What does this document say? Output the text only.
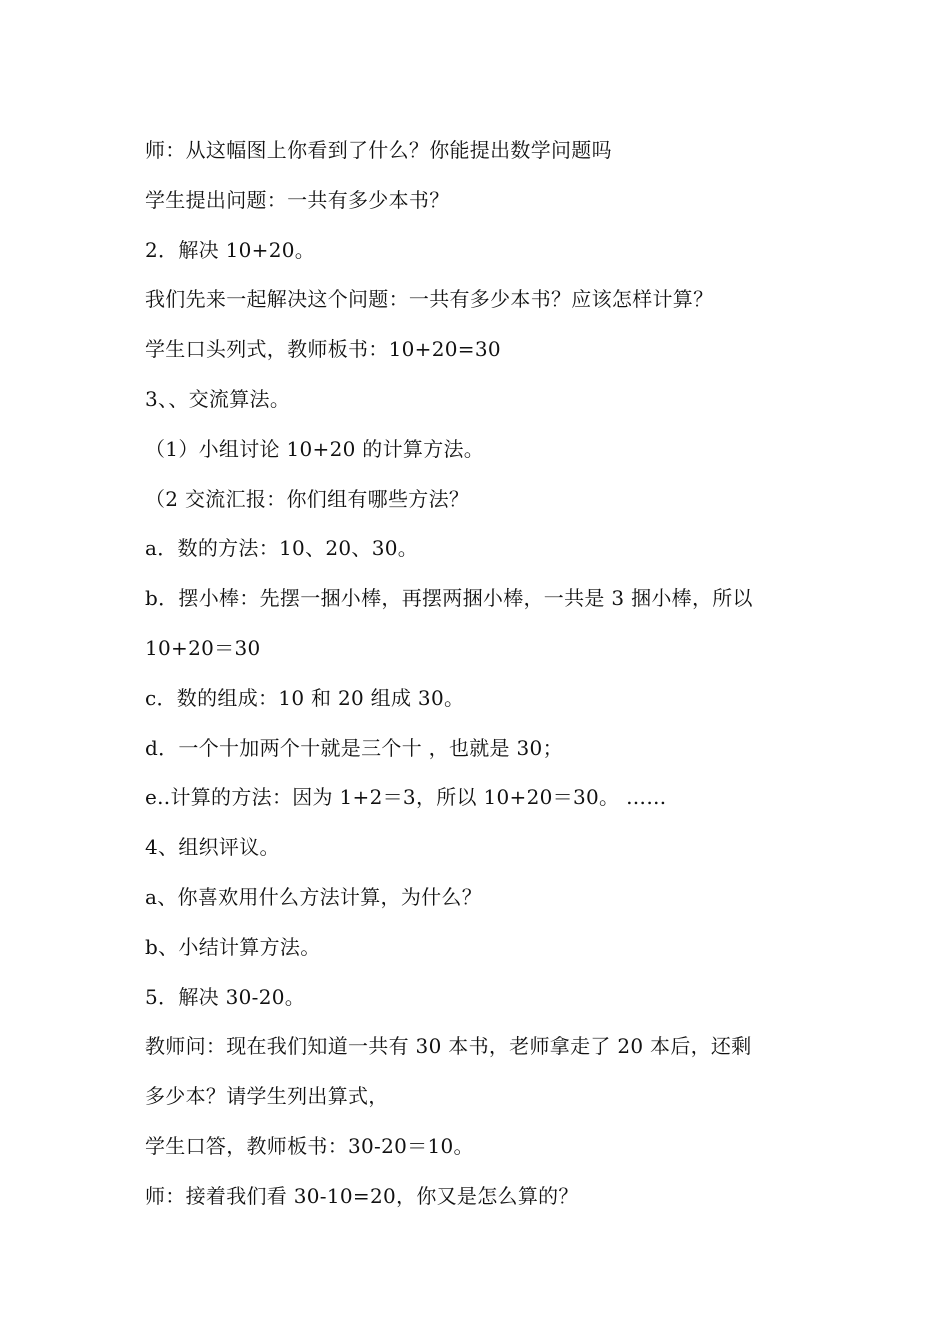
师：从这幅图上你看到了什么？你能提出数学问题吗
学生提出问题：一共有多少本书？
2．解决 10+20。
我们先来一起解决这个问题：一共有多少本书？应该怎样计算？
学生口头列式，教师板书：10+20=30
3、、交流算法。
（1）小组讨论 10+20 的计算方法。
（2 交流汇报：你们组有哪些方法？
a．数的方法：10、20、30。
b．摆小棒：先摆一捆小棒，再摆两捆小棒，一共是 3 捆小棒，所以
10+20＝30
c．数的组成：10 和 20 组成 30。
d．一个十加两个十就是三个十 ，也就是 30；
e..计算的方法：因为 1+2＝3，所以 10+20＝30。 ……
4、组织评议。
a、你喜欢用什么方法计算，为什么？
b、小结计算方法。
5．解决 30-20。
教师问：现在我们知道一共有 30 本书，老师拿走了 20 本后，还剩
多少本？请学生列出算式，
学生口答，教师板书：30-20＝10。
师：接着我们看 30-10=20，你又是怎么算的？
